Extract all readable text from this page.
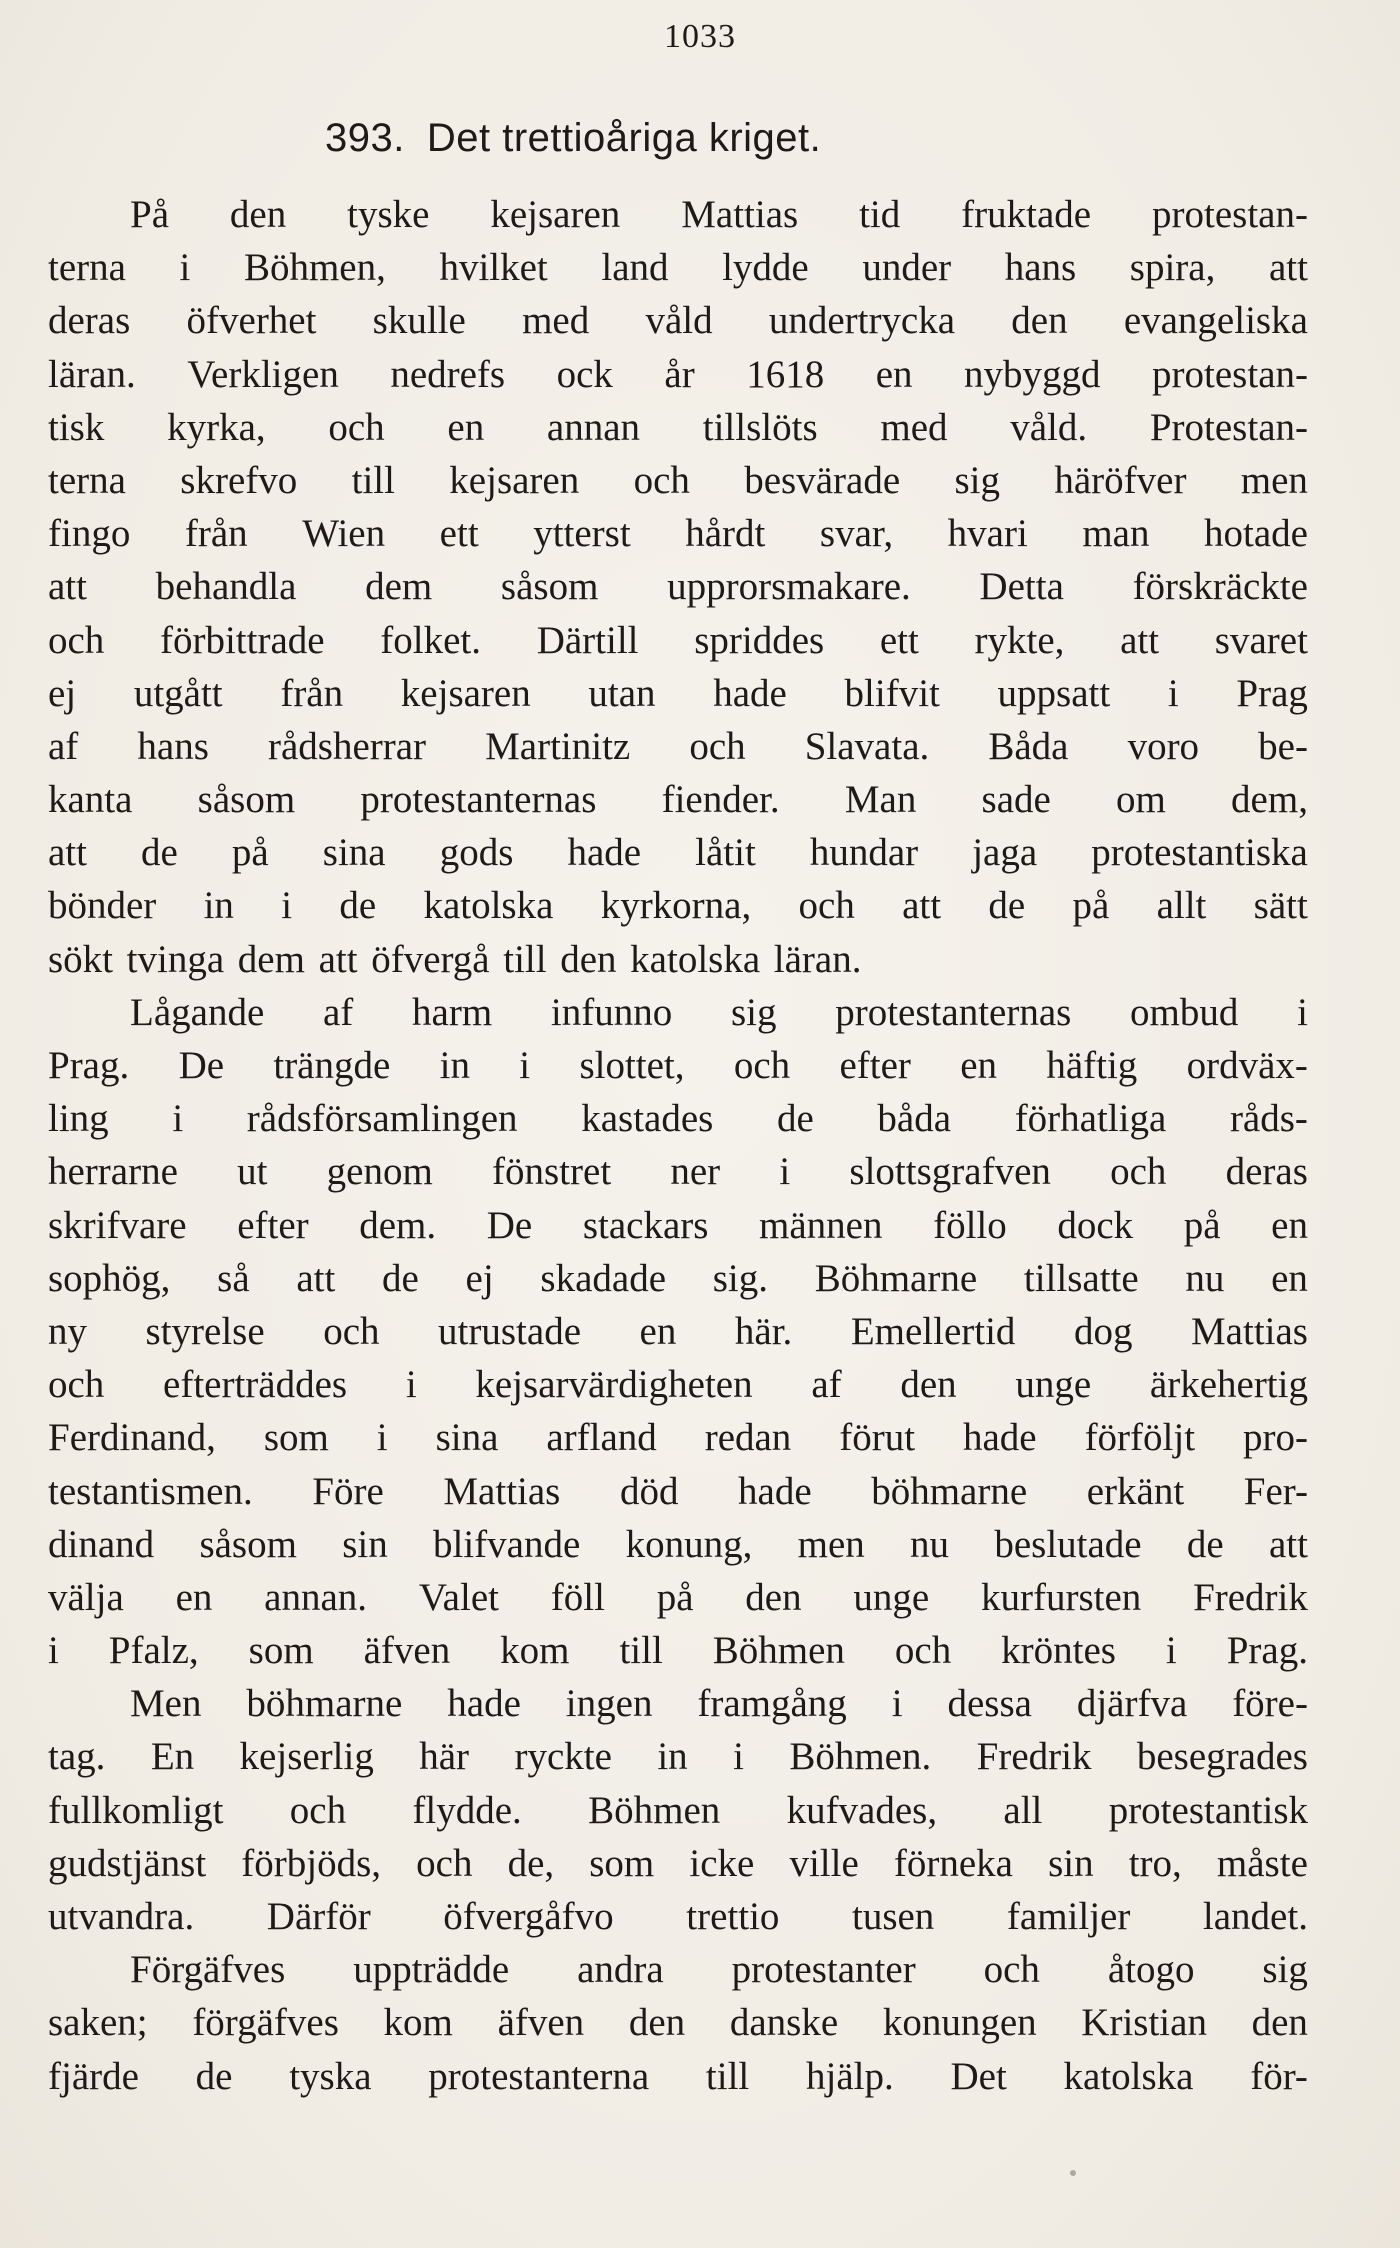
1033
393. Det trettioåriga kriget.
På den tyske kejsaren Mattias tid fruktade protestan-
terna i Böhmen, hvilket land lydde under hans spira, att
deras öfverhet skulle med våld undertrycka den evangeliska
läran. Verkligen nedrefs ock år 1618 en nybyggd protestan-
tisk kyrka, och en annan tillslöts med våld. Protestan-
terna skrefvo till kejsaren och besvärade sig häröfver men
fingo från Wien ett ytterst hårdt svar, hvari man hotade
att behandla dem såsom upprorsmakare. Detta förskräckte
och förbittrade folket. Därtill spriddes ett rykte, att svaret
ej utgått från kejsaren utan hade blifvit uppsatt i Prag
af hans rådsherrar Martinitz och Slavata. Båda voro be-
kanta såsom protestanternas fiender. Man sade om dem,
att de på sina gods hade låtit hundar jaga protestantiska
bönder in i de katolska kyrkorna, och att de på allt sätt
sökt tvinga dem att öfvergå till den katolska läran.
Lågande af harm infunno sig protestanternas ombud i
Prag. De trängde in i slottet, och efter en häftig ordväx-
ling i rådsförsamlingen kastades de båda förhatliga råds-
herrarne ut genom fönstret ner i slottsgrafven och deras
skrifvare efter dem. De stackars männen föllo dock på en
sophög, så att de ej skadade sig. Böhmarne tillsatte nu en
ny styrelse och utrustade en här. Emellertid dog Mattias
och efterträddes i kejsarvärdigheten af den unge ärkehertig
Ferdinand, som i sina arfland redan förut hade förföljt pro-
testantismen. Före Mattias död hade böhmarne erkänt Fer-
dinand såsom sin blifvande konung, men nu beslutade de att
välja en annan. Valet föll på den unge kurfursten Fredrik
i Pfalz, som äfven kom till Böhmen och kröntes i Prag.
Men böhmarne hade ingen framgång i dessa djärfva före-
tag. En kejserlig här ryckte in i Böhmen. Fredrik besegrades
fullkomligt och flydde. Böhmen kufvades, all protestantisk
gudstjänst förbjöds, och de, som icke ville förneka sin tro, måste
utvandra. Därför öfvergåfvo trettio tusen familjer landet.
Förgäfves uppträdde andra protestanter och åtogo sig
saken; förgäfves kom äfven den danske konungen Kristian den
fjärde de tyska protestanterna till hjälp. Det katolska för-
